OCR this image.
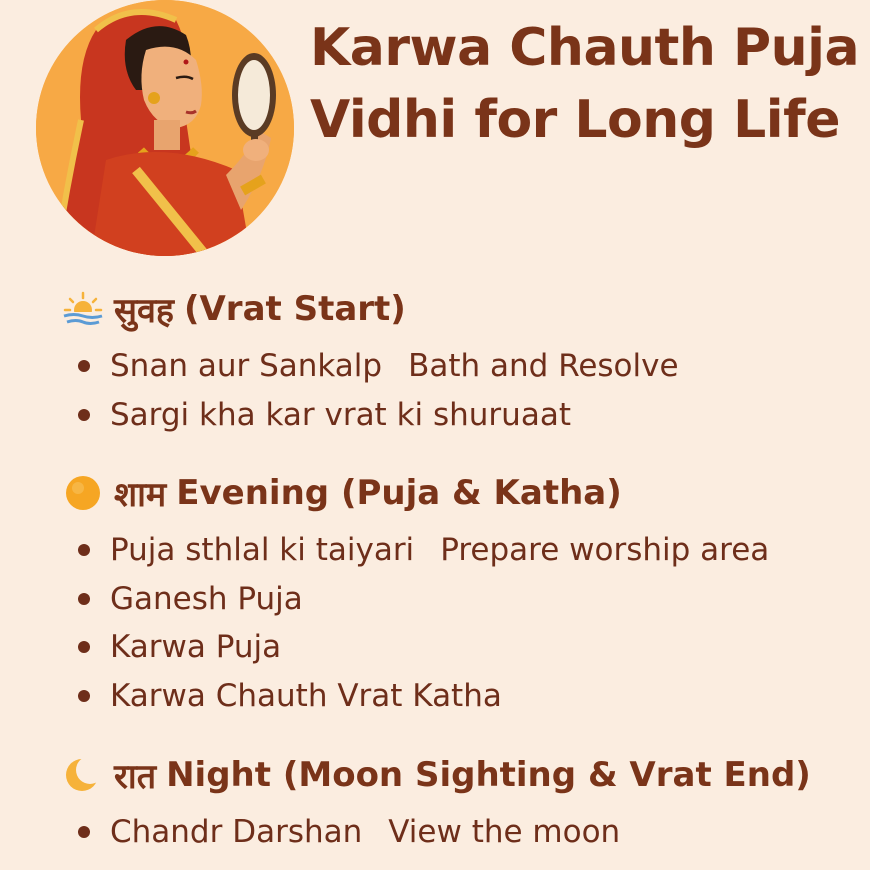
Karwa Chauth Puja
Vidhi for Long Life
सुवह (Vrat Start)
Snan aur Sankalp Bath and Resolve
Sargi kha kar vrat ki shuruaat
शाम Evening (Puja & Katha)
Puja sthlal ki taiyari Prepare worship area
Ganesh Puja
Karwa Puja
Karwa Chauth Vrat Katha
रात Night (Moon Sighting & Vrat End)
Chandr Darshan View the moon
